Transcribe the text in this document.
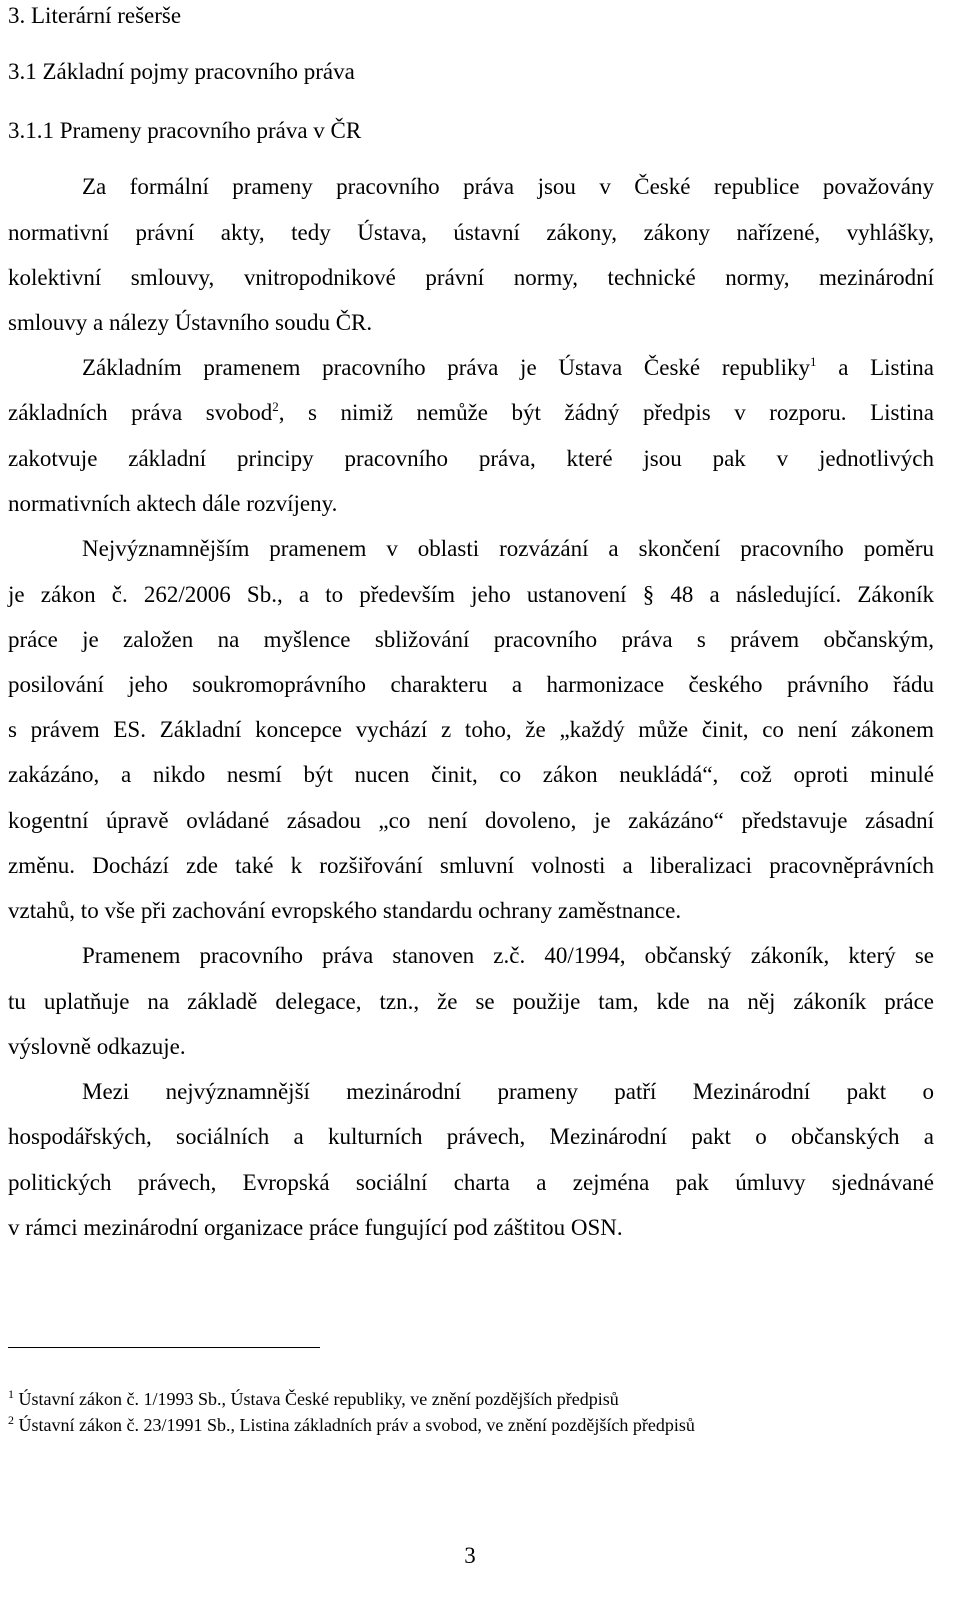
3. Literární rešerše
3.1 Základní pojmy pracovního práva
3.1.1 Prameny pracovního práva v ČR
Za formální prameny pracovního práva jsou v České republice považovány
normativní právní akty, tedy Ústava, ústavní zákony, zákony nařízené, vyhlášky,
kolektivní smlouvy, vnitropodnikové právní normy, technické normy, mezinárodní
smlouvy a nálezy Ústavního soudu ČR.
Základním pramenem pracovního práva je Ústava České republiky$^1$ a Listina
základních práva svobod$^2$, s nimiž nemůže být žádný předpis v rozporu. Listina
zakotvuje základní principy pracovního práva, které jsou pak v jednotlivých
normativních aktech dále rozvíjeny.
Nejvýznamnějším pramenem v oblasti rozvázání a skončení pracovního poměru
je zákon č. 262/2006 Sb., a to především jeho ustanovení § 48 a následující. Zákoník
práce je založen na myšlence sbližování pracovního práva s právem občanským,
posilování jeho soukromoprávního charakteru a harmonizace českého právního řádu
s právem ES. Základní koncepce vychází z toho, že „každý může činit, co není zákonem
zakázáno, a nikdo nesmí být nucen činit, co zákon neukládá“, což oproti minulé
kogentní úpravě ovládané zásadou „co není dovoleno, je zakázáno“ představuje zásadní
změnu. Dochází zde také k rozšiřování smluvní volnosti a liberalizaci pracovněprávních
vztahů, to vše při zachování evropského standardu ochrany zaměstnance.
Pramenem pracovního práva stanoven z.č. 40/1994, občanský zákoník, který se
tu uplatňuje na základě delegace, tzn., že se použije tam, kde na něj zákoník práce
výslovně odkazuje.
Mezi nejvýznamnější mezinárodní prameny patří Mezinárodní pakt o
hospodářských, sociálních a kulturních právech, Mezinárodní pakt o občanských a
politických právech, Evropská sociální charta a zejména pak úmluvy sjednávané
v rámci mezinárodní organizace práce fungující pod záštitou OSN.
$^1$ Ústavní zákon č. 1/1993 Sb., Ústava České republiky, ve znění pozdějších předpisů
$^2$ Ústavní zákon č. 23/1991 Sb., Listina základních práv a svobod, ve znění pozdějších předpisů
3
